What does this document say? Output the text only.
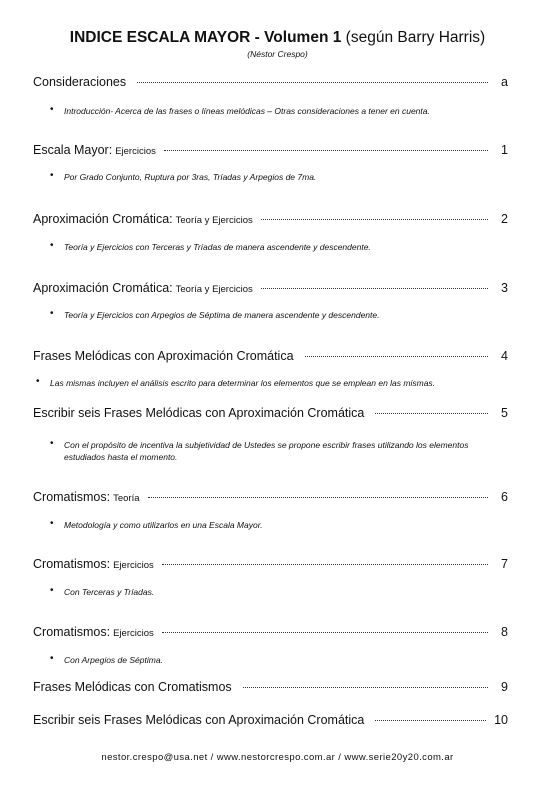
INDICE ESCALA MAYOR - Volumen 1 (según Barry Harris)
(Néstor Crespo)
Consideraciones	a
• Introducción- Acerca de las frases o líneas melódicas – Otras consideraciones a tener en cuenta.
Escala Mayor: Ejercicios	1
• Por Grado Conjunto, Ruptura por 3ras, Tríadas y Arpegios de 7ma.
Aproximación Cromática: Teoría y Ejercicios	2
• Teoría y Ejercicios con Terceras y Tríadas de manera ascendente y descendente.
Aproximación Cromática: Teoría y Ejercicios	3
• Teoría y Ejercicios con Arpegios de Séptima de manera ascendente y descendente.
Frases Melódicas con Aproximación Cromática	4
• Las mismas incluyen el análisis escrito para determinar los elementos que se emplean en las mismas.
Escribir seis Frases Melódicas con Aproximación Cromática	5
• Con el propósito de incentiva la subjetividad de Ustedes se propone escribir frases utilizando los elementos estudiados hasta el momento.
Cromatismos: Teoría	6
• Metodología y como utilizarlos en una Escala Mayor.
Cromatismos: Ejercicios	7
• Con Terceras y Tríadas.
Cromatismos: Ejercicios	8
• Con Arpegios de Séptima.
Frases Melódicas con Cromatismos	9
Escribir seis Frases Melódicas con Aproximación Cromática	10
nestor.crespo@usa.net / www.nestorcrespo.com.ar / www.serie20y20.com.ar
